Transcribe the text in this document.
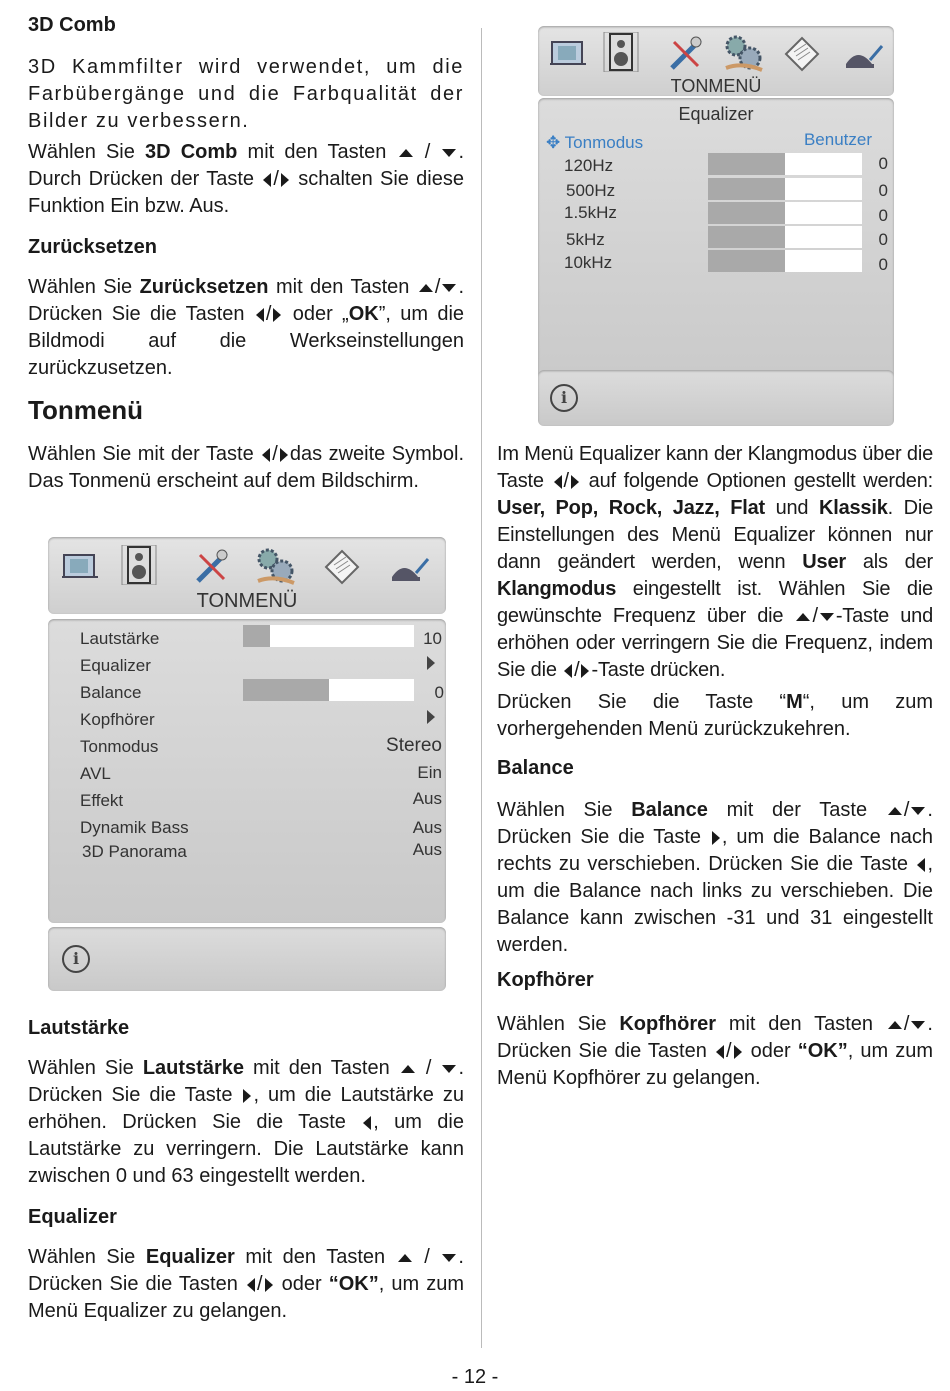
3D Comb
3D Kammfilter wird verwendet, um die Farbübergänge und die Farbqualität der Bilder zu verbessern.
Wählen Sie 3D Comb mit den Tasten  / . Durch Drücken der Taste / schalten Sie diese Funktion Ein bzw. Aus.
Zurücksetzen
Wählen Sie Zurücksetzen mit den Tasten / . Drücken Sie die Tasten / oder „OK”, um die Bildmodi auf die Werkseinstellungen zurückzusetzen.
Tonmenü
Wählen Sie mit der Taste / das zweite Symbol. Das Tonmenü erscheint auf dem Bildschirm.
TONMENÜ
Lautstärke	10
Equalizer
Balance	0
Kopfhörer
Tonmodus	Stereo
AVL	Ein
Effekt	Aus
Dynamik Bass	Aus
3D Panorama	Aus
i
Lautstärke
Wählen Sie Lautstärke mit den Tasten  / . Drücken Sie die Taste , um die Lautstärke zu erhöhen. Drücken Sie die Taste , um die Lautstärke zu verringern. Die Lautstärke kann zwischen 0 und 63 eingestellt werden.
Equalizer
Wählen Sie Equalizer mit den Tasten  / . Drücken Sie die Tasten / oder “OK”, um zum Menü Equalizer zu gelangen.
TONMENÜ
Equalizer
✥ Tonmodus	Benutzer
120Hz	0
500Hz	0
1.5kHz	0
5kHz	0
10kHz	0
i
Im Menü Equalizer kann der Klangmodus über die Taste / auf folgende Optionen gestellt werden: User, Pop, Rock, Jazz, Flat und Klassik. Die Einstellungen des Menü Equalizer können nur dann geändert werden, wenn User als der Klangmodus eingestellt ist. Wählen Sie die gewünschte Frequenz über die / -Taste und erhöhen oder verringern Sie die Frequenz, indem Sie die / -Taste drücken.
Drücken Sie die Taste “M“, um zum vorhergehenden Menü zurückzukehren.
Balance
Wählen Sie Balance mit der Taste / . Drücken Sie die Taste , um die Balance nach rechts zu verschieben. Drücken Sie die Taste , um die Balance nach links zu verschieben. Die Balance kann zwischen -31 und 31 eingestellt werden.
Kopfhörer
Wählen Sie Kopfhörer mit den Tasten / . Drücken Sie die Tasten / oder “OK”, um zum Menü Kopfhörer zu gelangen.
- 12 -
